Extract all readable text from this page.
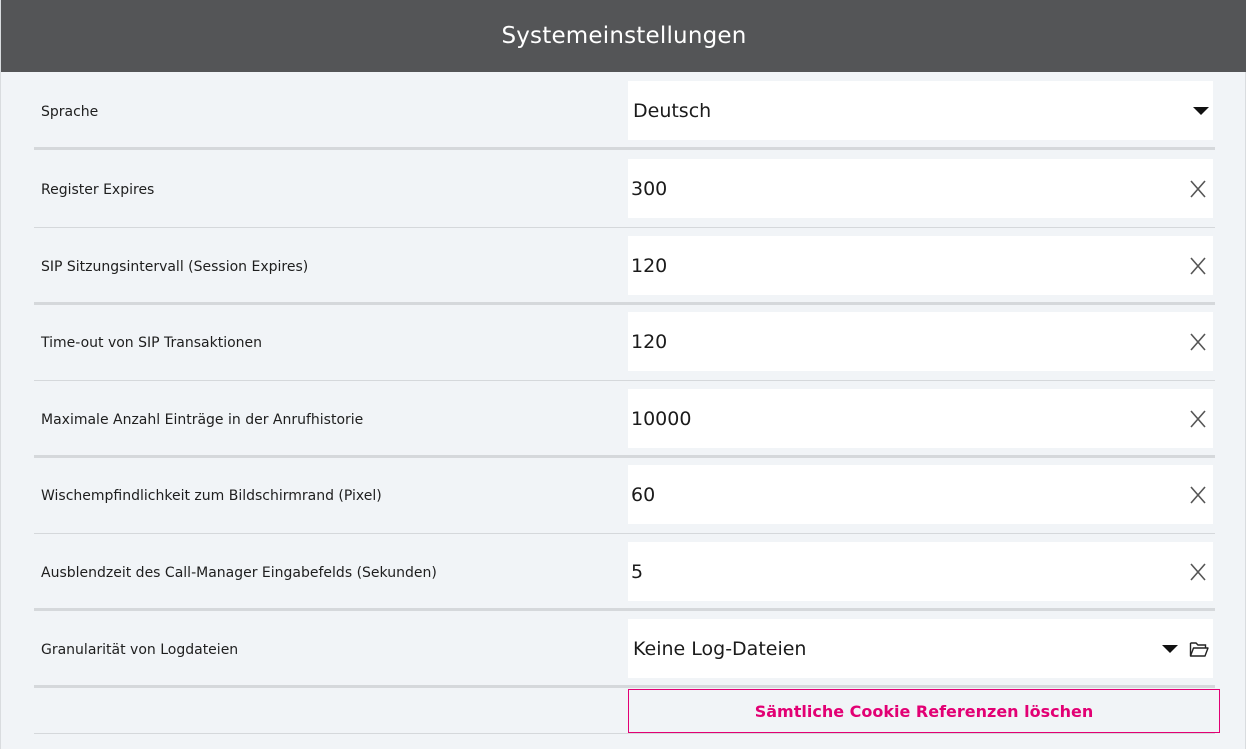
Systemeinstellungen
Sprache	Deutsch
Register Expires	300
SIP Sitzungsintervall (Session Expires)	120
Time-out von SIP Transaktionen	120
Maximale Anzahl Einträge in der Anrufhistorie	10000
Wischempfindlichkeit zum Bildschirmrand (Pixel)	60
Ausblendzeit des Call-Manager Eingabefelds (Sekunden)	5
Granularität von Logdateien	Keine Log-Dateien
Sämtliche Cookie Referenzen löschen
